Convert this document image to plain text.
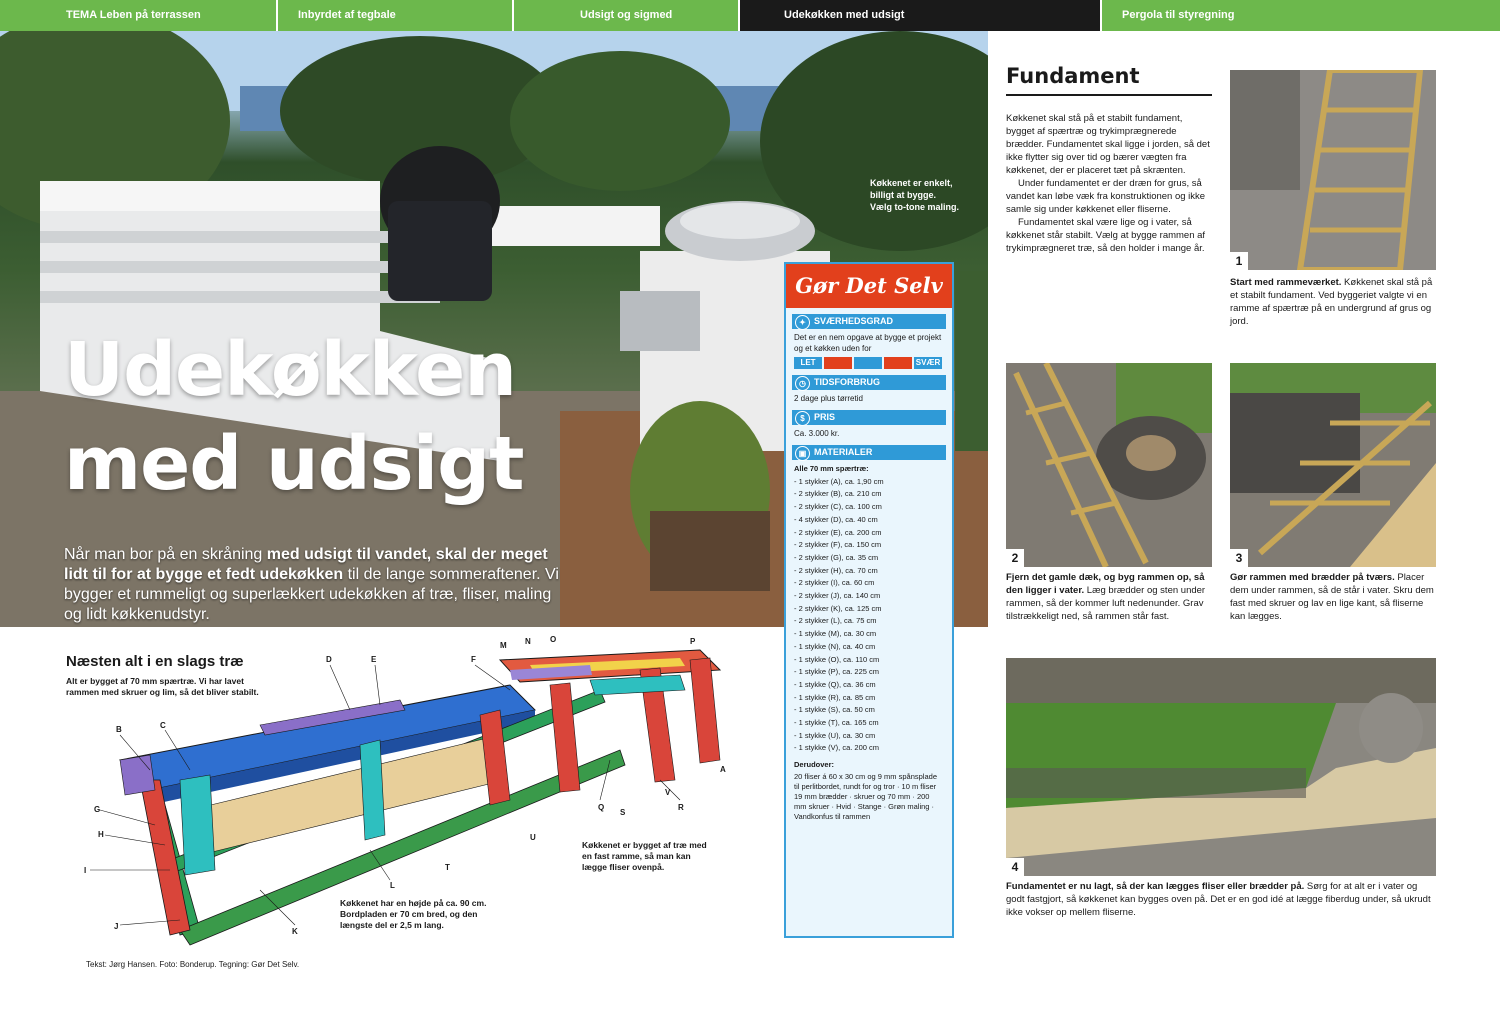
TEMA Leben på terrassen	Inbyrdet af tegbale	Udsigt og sigmed	Udekøkken med udsigt	Pergola til styregning
Udekøkken
med udsigt
Når man bor på en skråning med udsigt til vandet, skal der meget lidt til for at bygge et fedt udekøkken til de lange sommeraftener. Vi bygger et rummeligt og superlækkert udekøkken af træ, fliser, maling og lidt køkkenudstyr.
Køkkenet er enkelt, billigt at bygge. Vælg to-tone maling.
Gør Det Selv
✦ SVÆRHEDSGRAD
Det er en nem opgave at bygge et projekt og et køkken uden for
LET	SVÆR
◷ TIDSFORBRUG
2 dage plus tørretid
$	PRIS
Ca. 3.000 kr.
▣ MATERIALER
Alle 70 mm spærtræ:
- 1 stykker (A), ca. 1,90 cm
- 2 stykker (B), ca. 210 cm
- 2 stykker (C), ca. 100 cm
- 4 stykker (D), ca. 40 cm
- 2 stykker (E), ca. 200 cm
- 2 stykker (F), ca. 150 cm
- 2 stykker (G), ca. 35 cm
- 2 stykker (H), ca. 70 cm
- 2 stykker (I), ca. 60 cm
- 2 stykker (J), ca. 140 cm
- 2 stykker (K), ca. 125 cm
- 2 stykker (L), ca. 75 cm
- 1 stykke (M), ca. 30 cm
- 1 stykke (N), ca. 40 cm
- 1 stykke (O), ca. 110 cm
- 1 stykke (P), ca. 225 cm
- 1 stykke (Q), ca. 36 cm
- 1 stykke (R), ca. 85 cm
- 1 stykke (S), ca. 50 cm
- 1 stykke (T), ca. 165 cm
- 1 stykke (U), ca. 30 cm
- 1 stykke (V), ca. 200 cm
Derudover:
20 fliser á 60 x 30 cm og 9 mm spånsplade til perlitbordet, rundt for og tror · 10 m fliser 19 mm brædder · skruer og 70 mm · 200 mm skruer · Hvid · Stange · Grøn maling · Vandkonfus til rammen
Fundament

Køkkenet skal stå på et stabilt fundament, bygget af spærtræ og trykimprægnerede brædder. Fundamentet skal ligge i jorden, så det ikke flytter sig over tid og bærer vægten fra køkkenet, der er placeret tæt på skrænten.

Under fundamentet er der dræn for grus, så vandet kan løbe væk fra konstruktionen og ikke samle sig under køkkenet eller fliserne.

Fundamentet skal være lige og i vater, så køkkenet står stabilt. Vælg at bygge rammen af trykimprægneret træ, så den holder i mange år.

1
Start med rammeværket. Køkkenet skal stå på et stabilt fundament. Ved byggeriet valgte vi en ramme af spærtræ på en undergrund af grus og jord.
2
Fjern det gamle dæk, og byg rammen op, så den ligger i vater. Læg brædder og sten under rammen, så der kommer luft nedenunder. Grav tilstrækkeligt ned, så rammen står fast.
3
Gør rammen med brædder på tværs. Placer dem under rammen, så de står i vater. Skru dem fast med skruer og lav en lige kant, så fliserne kan lægges.
4
Fundamentet er nu lagt, så der kan lægges fliser eller brædder på. Sørg for at alt er i vater og godt fastgjort, så køkkenet kan bygges oven på. Det er en god idé at lægge fiberdug under, så ukrudt ikke vokser op mellem fliserne.
Næsten alt i en slags træ
Alt er bygget af 70 mm spærtræ. Vi har lavet rammen med skruer og lim, så det bliver stabilt.
B	C
D	E	F
G
H
I
J
K
L
M N O	P
Q	R
S
T
U
V
A
Køkkenet har en højde på ca. 90 cm. Bordpladen er 70 cm bred, og den længste del er 2,5 m lang.
Køkkenet er bygget af træ med en fast ramme, så man kan lægge fliser ovenpå.
Tekst: Jørg Hansen. Foto: Bonderup. Tegning: Gør Det Selv.
